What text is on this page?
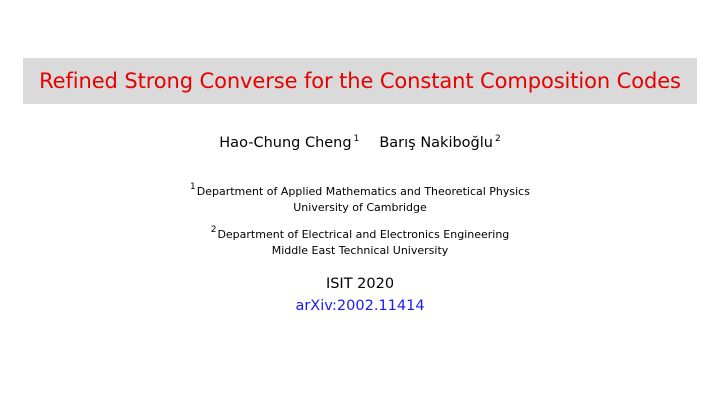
Refined Strong Converse for the Constant Composition Codes
Hao-Chung Cheng $^1$ Barış Nakiboğlu $^2$
$^1$Department of Applied Mathematics and Theoretical Physics
University of Cambridge
$^2$Department of Electrical and Electronics Engineering
Middle East Technical University
ISIT 2020
arXiv:2002.11414
